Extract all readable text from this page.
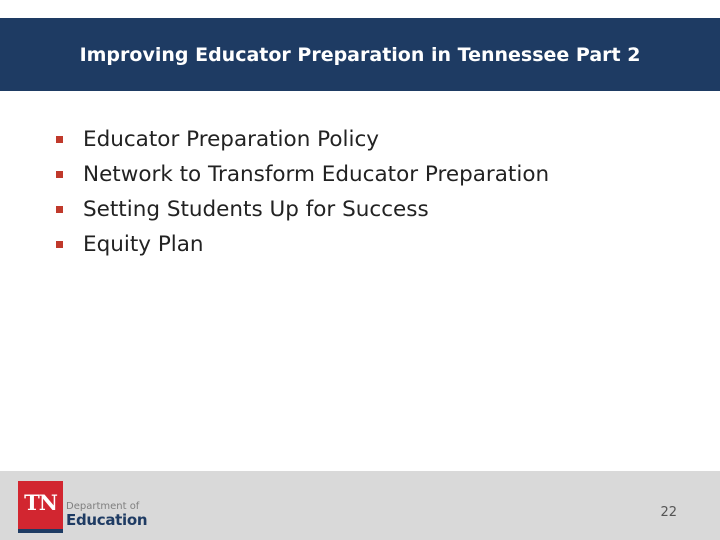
Improving Educator Preparation in Tennessee Part 2
Educator Preparation Policy
Network to Transform Educator Preparation
Setting Students Up for Success
Equity Plan
TN Department of
Education	22
